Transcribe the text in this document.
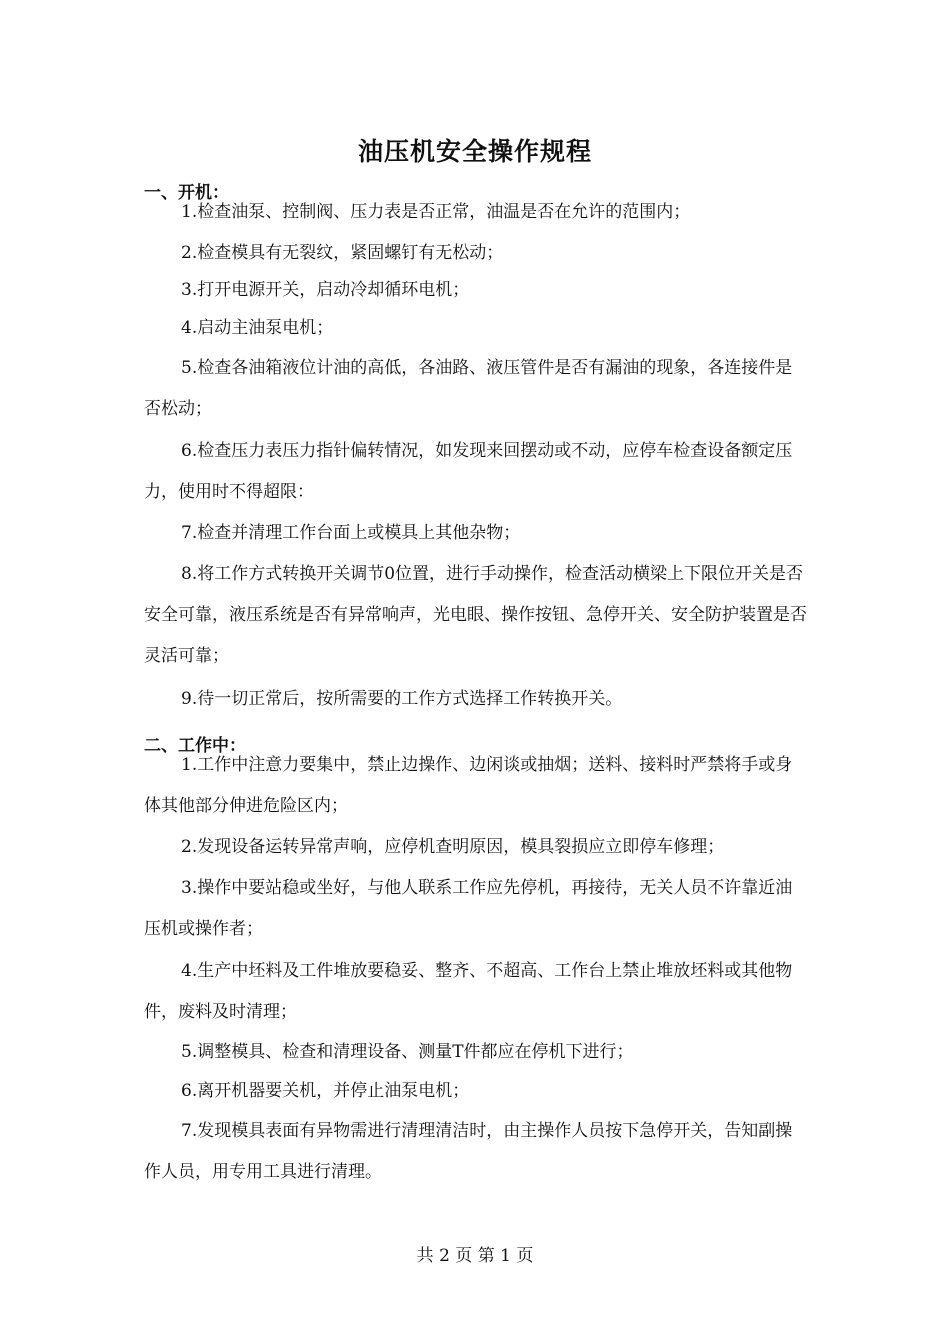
油压机安全操作规程
一、开机：

1.检查油泵、控制阀、压力表是否正常，油温是否在允许的范围内；

2.检查模具有无裂纹，紧固螺钉有无松动；

3.打开电源开关，启动冷却循环电机；

4.启动主油泵电机；

5.检查各油箱液位计油的高低，各油路、液压管件是否有漏油的现象，各连接件是否松动；

6.检查压力表压力指针偏转情况，如发现来回摆动或不动，应停车检查设备额定压力，使用时不得超限：

7.检查并清理工作台面上或模具上其他杂物；

8.将工作方式转换开关调节0位置，进行手动操作，检查活动横梁上下限位开关是否安全可靠，液压系统是否有异常响声，光电眼、操作按钮、急停开关、安全防护装置是否灵活可靠；

9.待一切正常后，按所需要的工作方式选择工作转换开关。

二、工作中：

1.工作中注意力要集中，禁止边操作、边闲谈或抽烟；送料、接料时严禁将手或身体其他部分伸进危险区内；

2.发现设备运转异常声响，应停机查明原因，模具裂损应立即停车修理；

3.操作中要站稳或坐好，与他人联系工作应先停机，再接待，无关人员不许靠近油压机或操作者；

4.生产中坯料及工件堆放要稳妥、整齐、不超高、工作台上禁止堆放坯料或其他物件，废料及时清理；

5.调整模具、检查和清理设备、测量T件都应在停机下进行；

6.离开机器要关机，并停止油泵电机；

7.发现模具表面有异物需进行清理清洁时，由主操作人员按下急停开关，告知副操作人员，用专用工具进行清理。

共 2 页 第 1 页
